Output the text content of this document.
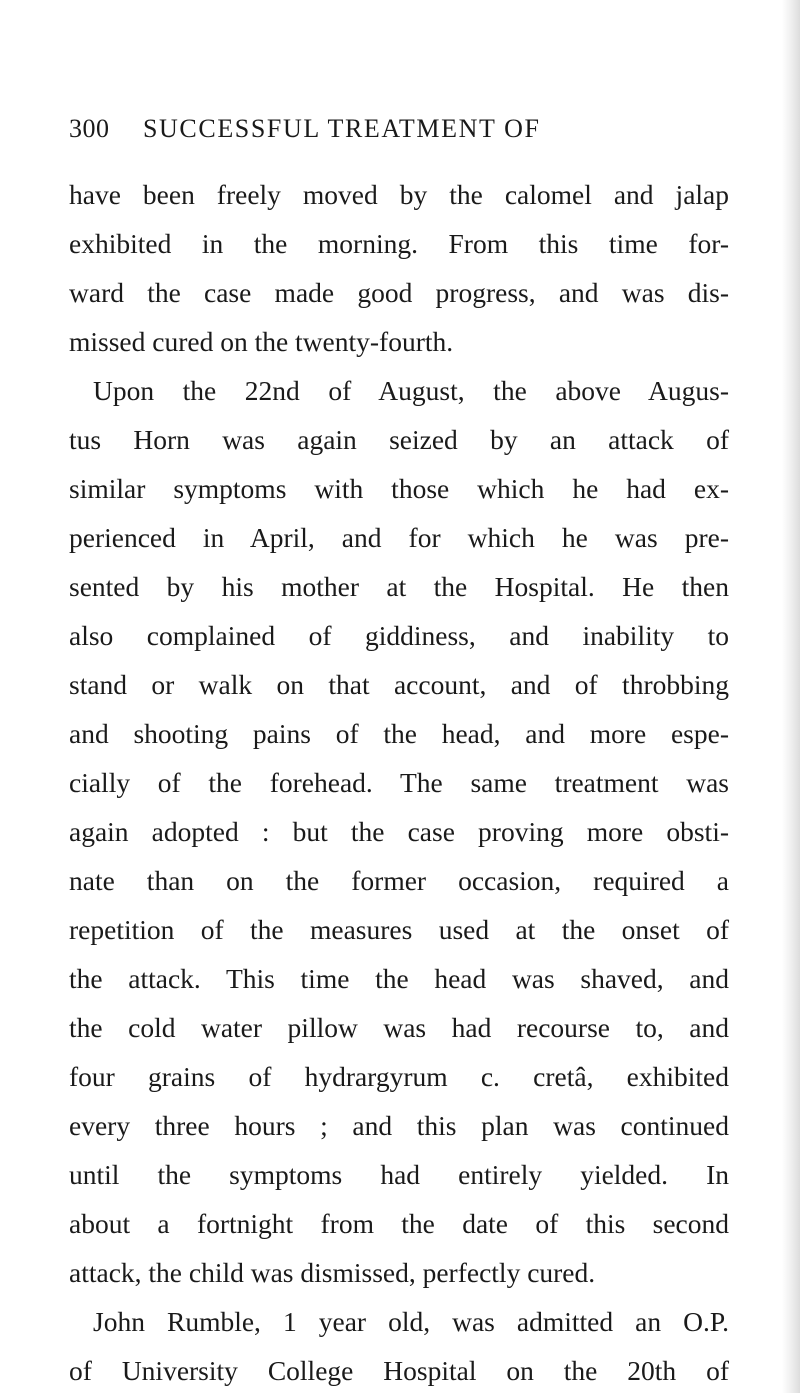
300 SUCCESSFUL TREATMENT OF
have been freely moved by the calomel and jalap
exhibited in the morning. From this time for-
ward the case made good progress, and was dis-
missed cured on the twenty-fourth.
Upon the 22nd of August, the above Augus-
tus Horn was again seized by an attack of
similar symptoms with those which he had ex-
perienced in April, and for which he was pre-
sented by his mother at the Hospital. He then
also complained of giddiness, and inability to
stand or walk on that account, and of throbbing
and shooting pains of the head, and more espe-
cially of the forehead. The same treatment was
again adopted : but the case proving more obsti-
nate than on the former occasion, required a
repetition of the measures used at the onset of
the attack. This time the head was shaved, and
the cold water pillow was had recourse to, and
four grains of hydrargyrum c. cretâ, exhibited
every three hours ; and this plan was continued
until the symptoms had entirely yielded. In
about a fortnight from the date of this second
attack, the child was dismissed, perfectly cured.
John Rumble, 1 year old, was admitted an O.P.
of University College Hospital on the 20th of
